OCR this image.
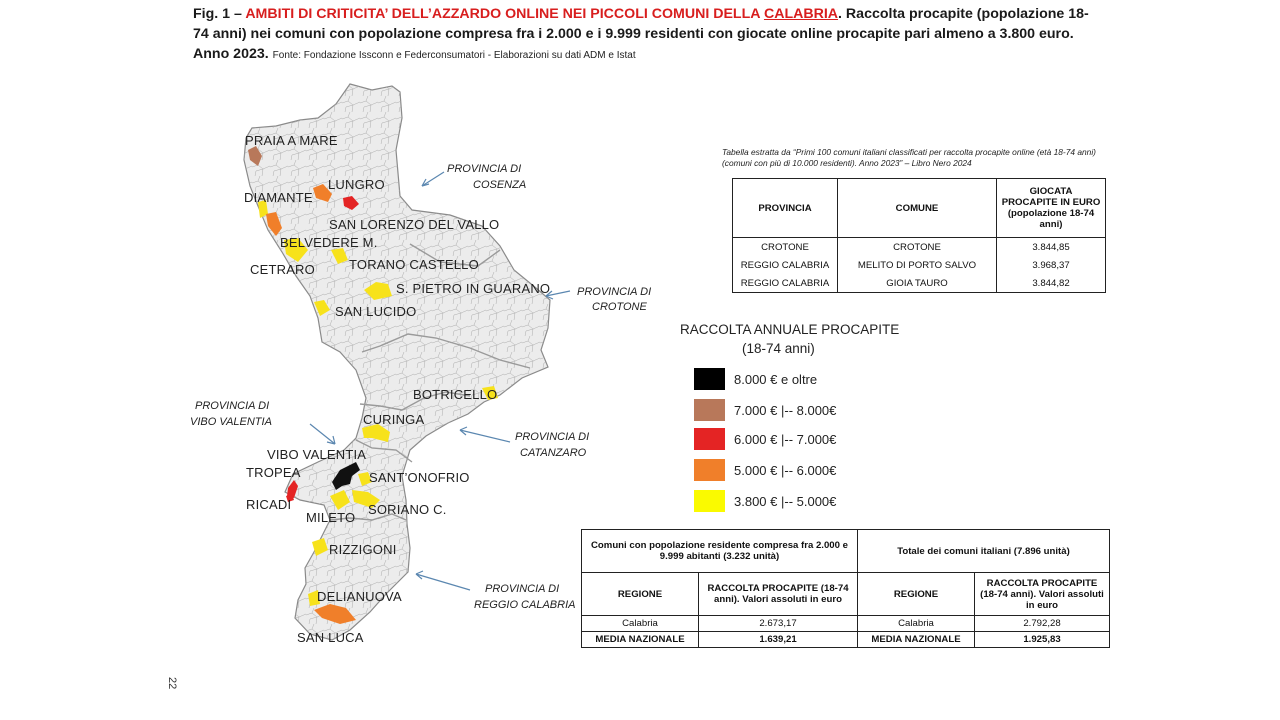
Fig. 1 – AMBITI DI CRITICITA’ DELL’AZZARDO ONLINE NEI PICCOLI COMUNI DELLA CALABRIA. Raccolta procapite (popolazione 18-74 anni) nei comuni con popolazione compresa fra i 2.000 e i 9.999 residenti con giocate online procapite pari almeno a 3.800 euro. Anno 2023. Fonte: Fondazione Issconn e Federconsumatori - Elaborazioni su dati ADM e Istat
PRAIA A MARE
LUNGRO
DIAMANTE
SAN LORENZO DEL VALLO
BELVEDERE M.
CETRARO	TORANO CASTELLO
S. PIETRO IN GUARANO
SAN LUCIDO
BOTRICELLO
CURINGA
VIBO VALENTIA
TROPEA	SANT’ONOFRIO
RICADI
MILETO
SORIANO C.
RIZZIGONI
DELIANUOVA
SAN LUCA
PROVINCIA DI
COSENZA
PROVINCIA DI
CROTONE
PROVINCIA DI
VIBO VALENTIA
PROVINCIA DI
CATANZARO
PROVINCIA DI
REGGIO CALABRIA
Tabella estratta da “Primi 100 comuni italiani classificati per raccolta procapite online (età 18-74 anni) (comuni con più di 10.000 residenti). Anno 2023” – Libro Nero 2024
PROVINCIA	COMUNE	GIOCATA PROCAPITE IN EURO (popolazione 18-74 anni)
CROTONE	CROTONE	3.844,85
REGGIO CALABRIA	MELITO DI PORTO SALVO	3.968,37
REGGIO CALABRIA	GIOIA TAURO	3.844,82
RACCOLTA ANNUALE PROCAPITE
(18-74 anni)
8.000 € e oltre
7.000 € |-- 8.000€
6.000 € |-- 7.000€
5.000 € |-- 6.000€
3.800 € |-- 5.000€
Comuni con popolazione residente compresa fra 2.000 e 9.999 abitanti (3.232 unità)		Totale dei comuni italiani (7.896 unità)	
REGIONE	RACCOLTA PROCAPITE (18-74 anni). Valori assoluti in euro	REGIONE	RACCOLTA PROCAPITE (18-74 anni). Valori assoluti in euro
Calabria	2.673,17	Calabria	2.792,28
MEDIA NAZIONALE	1.639,21	MEDIA NAZIONALE	1.925,83
22
